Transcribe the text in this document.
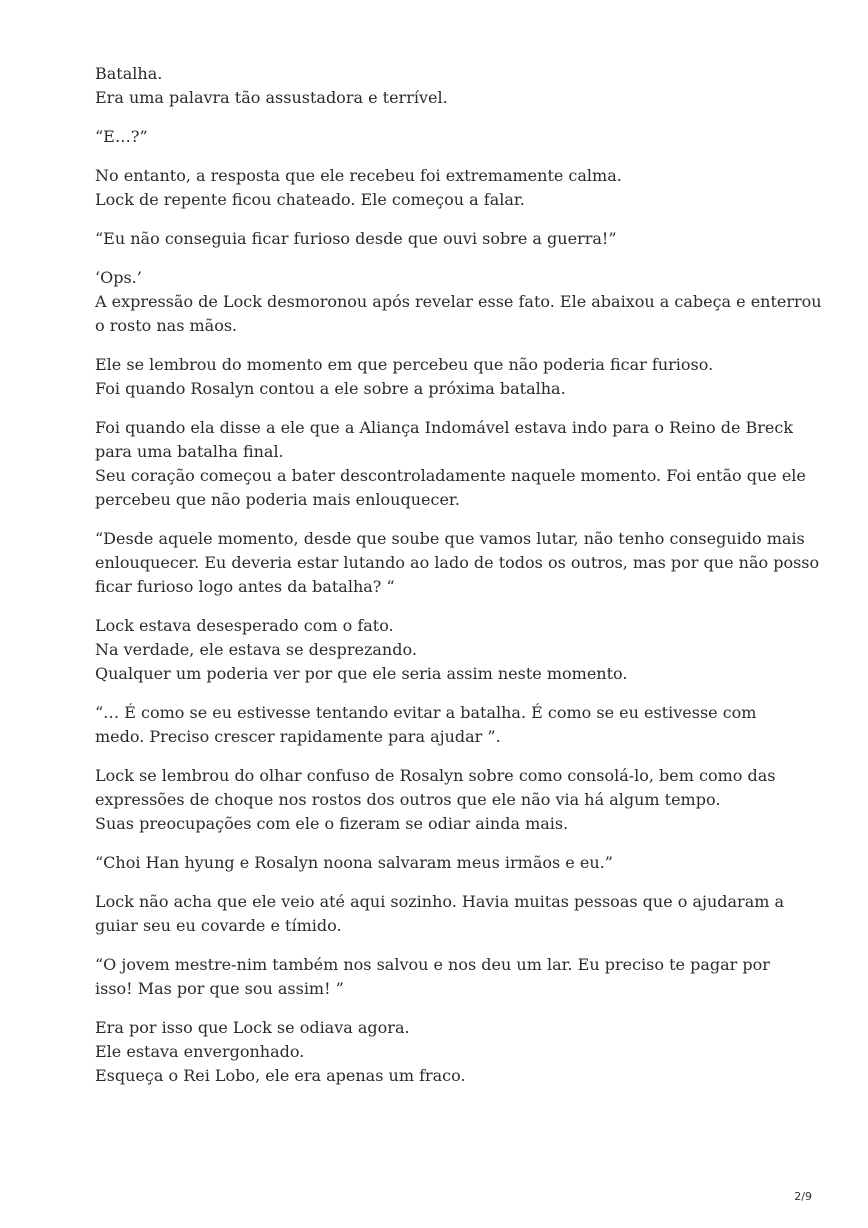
Batalha.
Era uma palavra tão assustadora e terrível.

“E…?”

No entanto, a resposta que ele recebeu foi extremamente calma.
Lock de repente ficou chateado. Ele começou a falar.

“Eu não conseguia ficar furioso desde que ouvi sobre a guerra!”

‘Ops.’
A expressão de Lock desmoronou após revelar esse fato. Ele abaixou a cabeça e enterrou
o rosto nas mãos.

Ele se lembrou do momento em que percebeu que não poderia ficar furioso.
Foi quando Rosalyn contou a ele sobre a próxima batalha.

Foi quando ela disse a ele que a Aliança Indomável estava indo para o Reino de Breck
para uma batalha final.
Seu coração começou a bater descontroladamente naquele momento. Foi então que ele
percebeu que não poderia mais enlouquecer.

“Desde aquele momento, desde que soube que vamos lutar, não tenho conseguido mais
enlouquecer. Eu deveria estar lutando ao lado de todos os outros, mas por que não posso
ficar furioso logo antes da batalha? “

Lock estava desesperado com o fato.
Na verdade, ele estava se desprezando.
Qualquer um poderia ver por que ele seria assim neste momento.

“… É como se eu estivesse tentando evitar a batalha. É como se eu estivesse com
medo. Preciso crescer rapidamente para ajudar ”.

Lock se lembrou do olhar confuso de Rosalyn sobre como consolá-lo, bem como das
expressões de choque nos rostos dos outros que ele não via há algum tempo.
Suas preocupações com ele o fizeram se odiar ainda mais.

“Choi Han hyung e Rosalyn noona salvaram meus irmãos e eu.”

Lock não acha que ele veio até aqui sozinho. Havia muitas pessoas que o ajudaram a
guiar seu eu covarde e tímido.

“O jovem mestre-nim também nos salvou e nos deu um lar. Eu preciso te pagar por
isso! Mas por que sou assim! ”

Era por isso que Lock se odiava agora.
Ele estava envergonhado.
Esqueça o Rei Lobo, ele era apenas um fraco.

2/9
